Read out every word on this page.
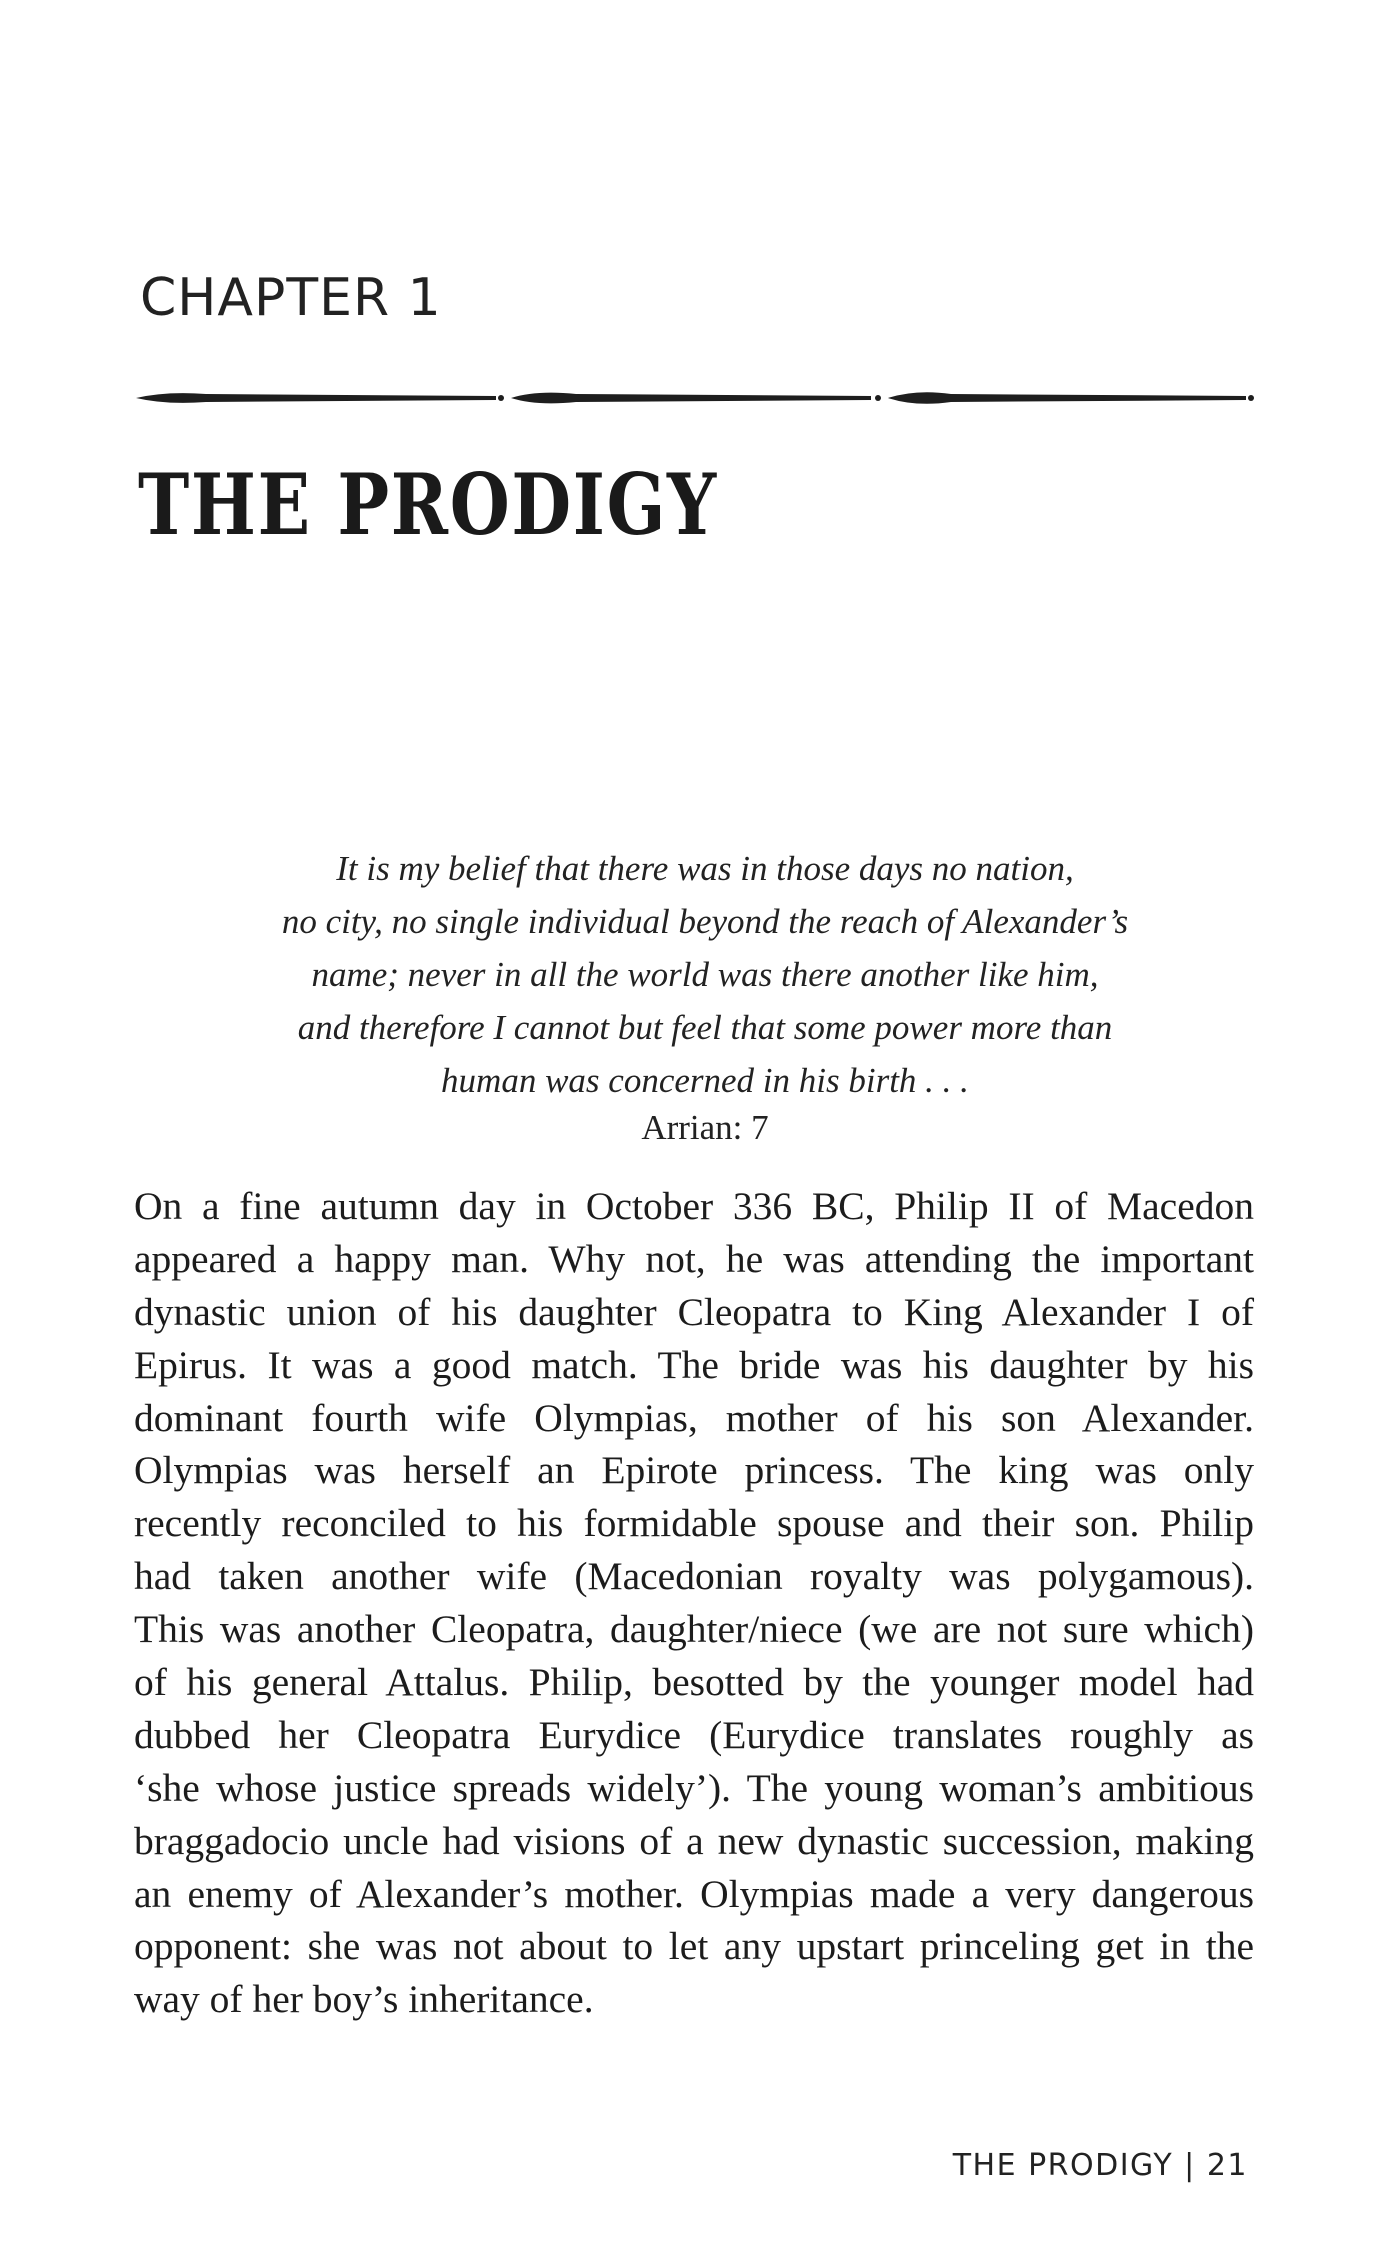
CHAPTER 1
THE PRODIGY
It is my belief that there was in those days no nation,
no city, no single individual beyond the reach of Alexander’s
name; never in all the world was there another like him,
and therefore I cannot but feel that some power more than
human was concerned in his birth . . .
Arrian: 7
On a fine autumn day in October 336 BC, Philip II of Macedon
appeared a happy man. Why not, he was attending the important
dynastic union of his daughter Cleopatra to King Alexander I of
Epirus. It was a good match. The bride was his daughter by his
dominant fourth wife Olympias, mother of his son Alexander.
Olympias was herself an Epirote princess. The king was only
recently reconciled to his formidable spouse and their son. Philip
had taken another wife (Macedonian royalty was polygamous).
This was another Cleopatra, daughter/niece (we are not sure which)
of his general Attalus. Philip, besotted by the younger model had
dubbed her Cleopatra Eurydice (Eurydice translates roughly as
‘she whose justice spreads widely’). The young woman’s ambitious
braggadocio uncle had visions of a new dynastic succession, making
an enemy of Alexander’s mother. Olympias made a very dangerous
opponent: she was not about to let any upstart princeling get in the
way of her boy’s inheritance.
THE PRODIGY | 21
